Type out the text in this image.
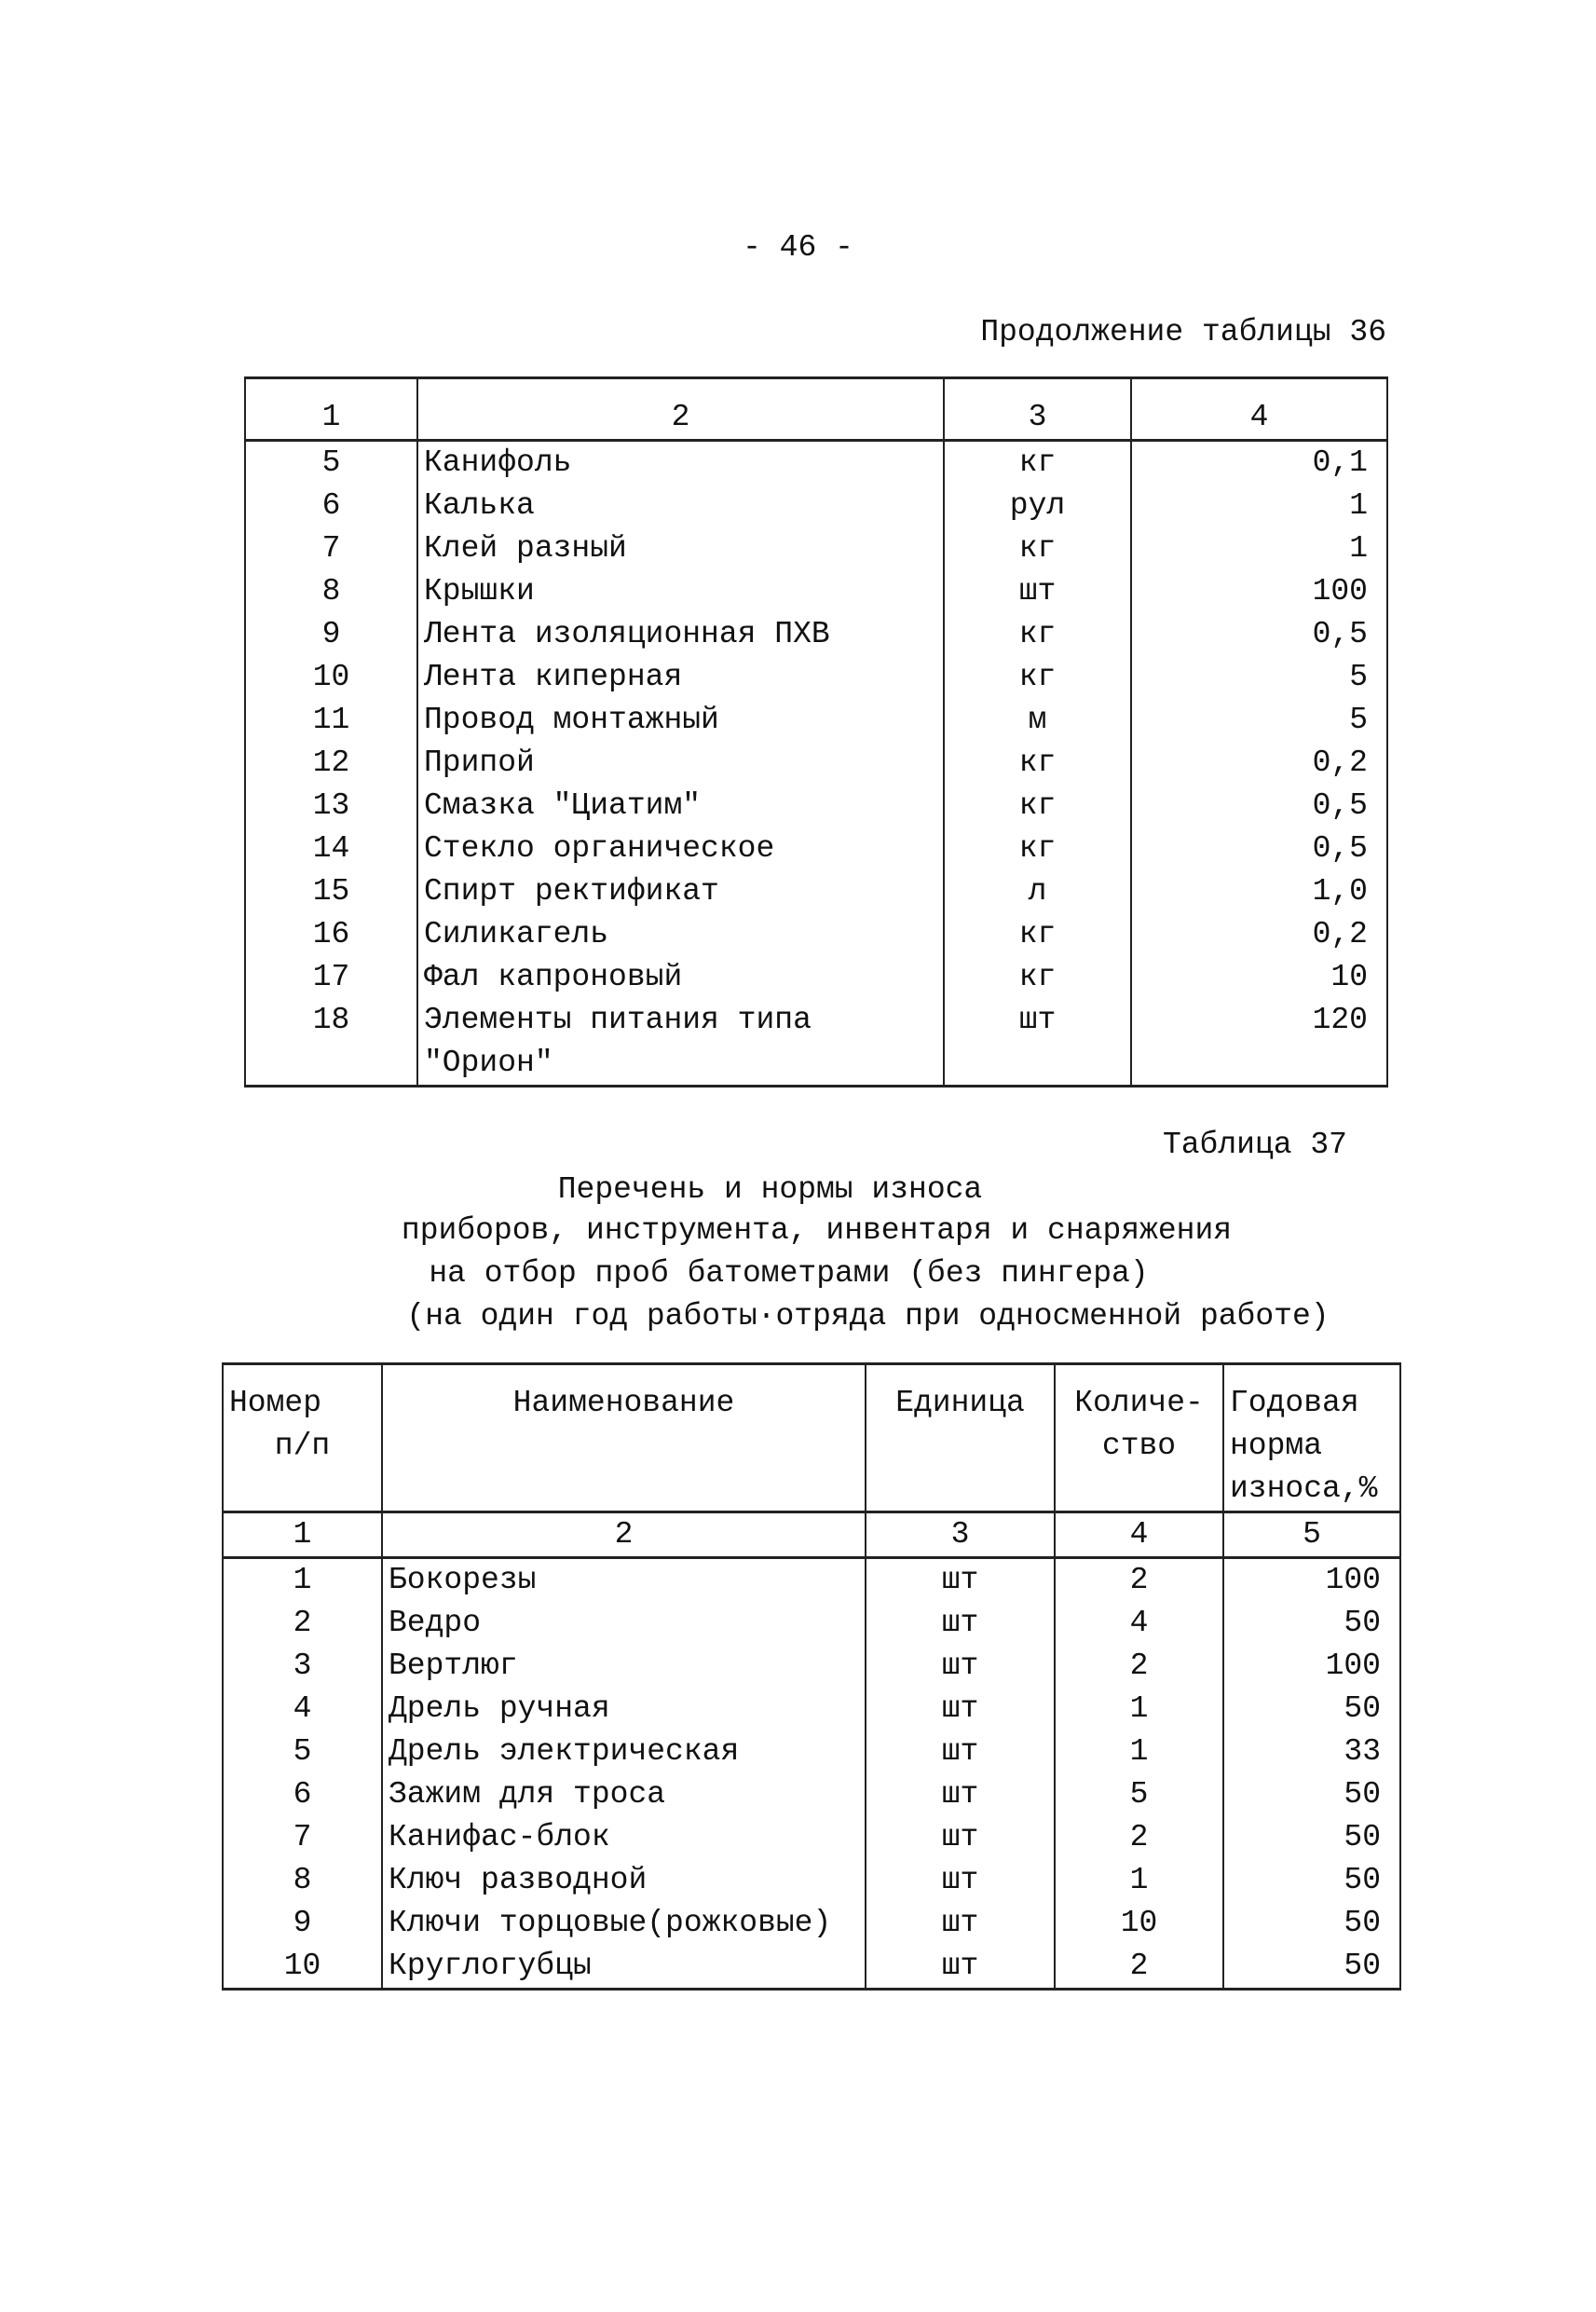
- 46 -
Продолжение таблицы 36

1	2	3	4
5	Канифоль	кг	0,1
6	Калька	рул	1
7	Клей разный	кг	1
8	Крышки	шт	100
9	Лента изоляционная ПХВ	кг	0,5
10	Лента киперная	кг	5
11	Провод монтажный	м	5
12	Припой	кг	0,2
13	Смазка "Циатим"	кг	0,5
14	Стекло органическое	кг	0,5
15	Спирт ректификат	л	1,0
16	Силикагель	кг	0,2
17	Фал капроновый	кг	10
18	Элементы питания типа	шт	120
	"Орион"		
Таблица 37
Перечень и нормы износа
приборов, инструмента, инвентаря и снаряжения
на отбор проб батометрами (без пингера)
(на один год работы·отряда при односменной работе)

Номер	Наименование	Единица	Количе-	Годовая
п/п			ство	норма
				износа,%
1	2	3	4	5
1	Бокорезы	шт	2	100
2	Ведро	шт	4	50
3	Вертлюг	шт	2	100
4	Дрель ручная	шт	1	50
5	Дрель электрическая	шт	1	33
6	Зажим для троса	шт	5	50
7	Канифас-блок	шт	2	50
8	Ключ разводной	шт	1	50
9	Ключи торцовые(рожковые)	шт	10	50
10	Круглогубцы	шт	2	50
